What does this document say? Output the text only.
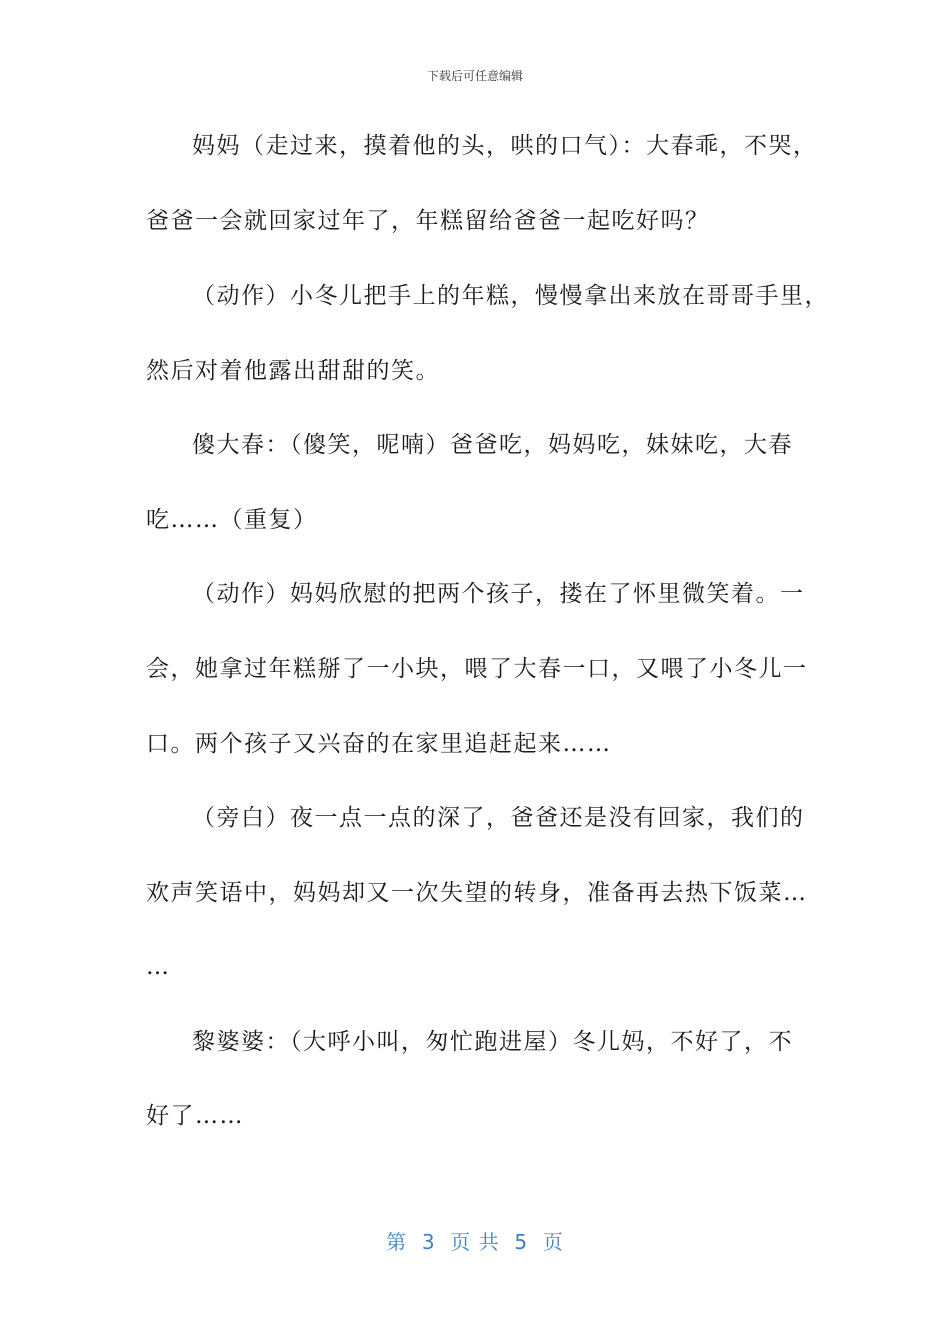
下载后可任意编辑
妈妈（走过来，摸着他的头，哄的口气）：大春乖，不哭，
爸爸一会就回家过年了，年糕留给爸爸一起吃好吗？
（动作）小冬儿把手上的年糕，慢慢拿出来放在哥哥手里，
然后对着他露出甜甜的笑。
傻大春：（傻笑，呢喃）爸爸吃，妈妈吃，妹妹吃，大春
吃……（重复）
（动作）妈妈欣慰的把两个孩子，搂在了怀里微笑着。一
会，她拿过年糕掰了一小块，喂了大春一口，又喂了小冬儿一
口。两个孩子又兴奋的在家里追赶起来……
（旁白）夜一点一点的深了，爸爸还是没有回家，我们的
欢声笑语中，妈妈却又一次失望的转身，准备再去热下饭菜…
…
黎婆婆：（大呼小叫，匆忙跑进屋）冬儿妈，不好了，不
好了……
第  3  页 共  5  页
